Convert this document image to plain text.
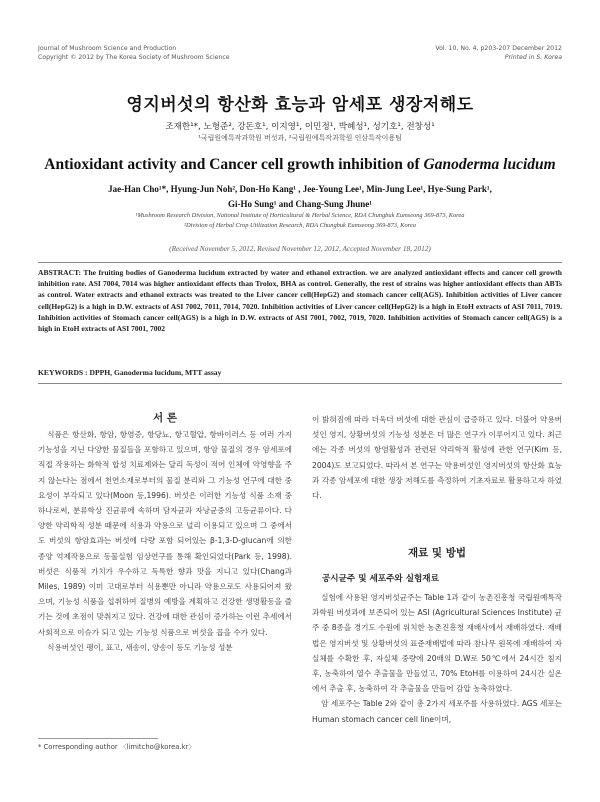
Journal of Mushroom Science and Production
Copyright © 2012 by The Korea Society of Mushroom Science
Vol. 10, No. 4, p203-207 December 2012
Printed in S. Korea
영지버섯의 항산화 효능과 암세포 생장저해도
조재한¹*, 노형준², 강돈호¹, 이지영¹, 이민정¹, 박혜성¹, 성기호¹, 전창성¹
¹국립원예특작과학원 버섯과, ²국립원예특작과학원 인삼특작이용팀
Antioxidant activity and Cancer cell growth inhibition of Ganoderma lucidum
Jae-Han Cho¹*, Hyung-Jun Noh², Don-Ho Kang¹ , Jee-Young Lee¹, Min-Jung Lee¹, Hye-Sung Park¹,
Gi-Ho Sung¹ and Chang-Sung Jhune¹
¹Mushroom Research Division, National Institute of Horticultural & Herbal Science, RDA Chungbuk Eumseong 369-873, Korea
²Division of Herbal Crop Utilization Research, RDA Chungbuk Eumseong 369-873, Korea
(Received November 5, 2012, Revised November 12, 2012, Accepted November 18, 2012)
ABSTRACT: The fruiting bodies of Ganoderma lucidum extracted by water and ethanol extraction. we are analyzed antioxidant effects and cancer cell growth inhibition rate. ASI 7004, 7014 was higher antioxidant effects than Trolox, BHA as control. Generally, the rest of strains was higher antioxidant effects than ABTs as control. Water extracts and ethanol extracts was treated to the Liver cancer cell(HepG2) and stomach cancer cell(AGS). Inhibition activities of Liver cancer cell(HepG2) is a high in D.W. extracts of ASI 7002, 7011, 7014, 7020. Inhibition activities of Liver cancer cell(HepG2) is a high in EtoH extracts of ASI 7011, 7019. Inhibition activities of Stomach cancer cell(AGS) is a high in D.W. extracts of ASI 7001, 7002, 7019, 7020. Inhibition activities of Stomach cancer cell(AGS) is a high in EtoH extracts of ASI 7001, 7002
KEYWORDS : DPPH, Ganoderma lucidum, MTT assay
서 론

식품은 항산화, 항암, 항염증, 항당뇨, 항고혈압, 항바이러스 등 여러 가지 기능성을 지닌 다양한 물질들을 포함하고 있으며, 항암 물질의 경우 암세포에 직접 작용하는 화학적 합성 치료제와는 달리 독성이 적어 인체에 악영향을 주지 않는다는 점에서 천연소재로부터의 물질 분리와 그 기능성 연구에 대한 중요성이 부각되고 있다(Moon 등,1996). 버섯은 이러한 기능성 식품 소재 중 하나로써, 분류학상 진균류에 속하며 담자균과 자낭균중의 고등균류이다. 다양한 약리학적 성분 때문에 식용과 약용으로 널리 이용되고 있으며 그 중에서도 버섯의 항암효과는 버섯에 다량 포함 되어있는 β-1,3-D-glucan에 의한 종양 억제작용으로 동물실험 임상연구를 통해 확인되었다(Park 등, 1998). 버섯은 식품적 가치가 우수하고 독특한 향과 맛을 지니고 있다(Chang과 Miles, 1989) 이미 고대로부터 식용뿐만 아니라 약용으로도 사용되어져 왔으며, 기능성 식품을 섭취하여 질병의 예방을 계획하고 건강한 생명활동을 즐기는 것에 초점이 맞춰지고 있다. 건강에 대한 관심이 증가하는 이런 추세에서 사회적으로 이슈가 되고 있는 기능성 식품으로 버섯을 꼽을 수가 있다.

식용버섯인 팽이, 표고, 새송이, 양송이 등도 기능성 성분

이 밝혀짐에 따라 더욱더 버섯에 대한 관심이 급증하고 있다. 더불어 약용버섯인 영지, 상황버섯의 기능성 성분은 더 많은 연구가 이루어지고 있다. 최근에는 각종 버섯의 항염활성과 관련된 약리학적 활성에 관한 연구(Kim 등, 2004)도 보고되었다. 따라서 본 연구는 약용버섯인 영지버섯의 항산화 효능과 각종 암세포에 대한 생장 저해도를 측정하여 기초자료로 활용하고자 하였다.

재료 및 방법
공시균주 및 세포주와 실험재료

실험에 사용된 영지버섯균주는 Table 1과 같이 농촌진흥청 국립원예특작과학원 버섯과에 보존되어 있는 ASI (Agricultural Sciences Institute) 균주 중 8종을 경기도 수원에 위치한 농촌진흥청 재배사에서 재배하였다. 재배법은 영지버섯 및 상황버섯의 표준재배법에 따라 참나무 원목에 재배하여 자실체를 수확한 후, 자실체 중량에 20배의 D.W로 50℃에서 24시간 침지 후, 농축하여 열수 추출물을 만들었고, 70% EtoH를 이용하여 24시간 실온에서 추출 후, 농축하여 각 추출물을 만들어 감압 농축하였다.

암 세포주는 Table 2와 같이 총 2가지 세포주를 사용하였다. AGS 세포는 Human stomach cancer cell line이며,

* Corresponding author 〈limitcho@korea.kr〉
